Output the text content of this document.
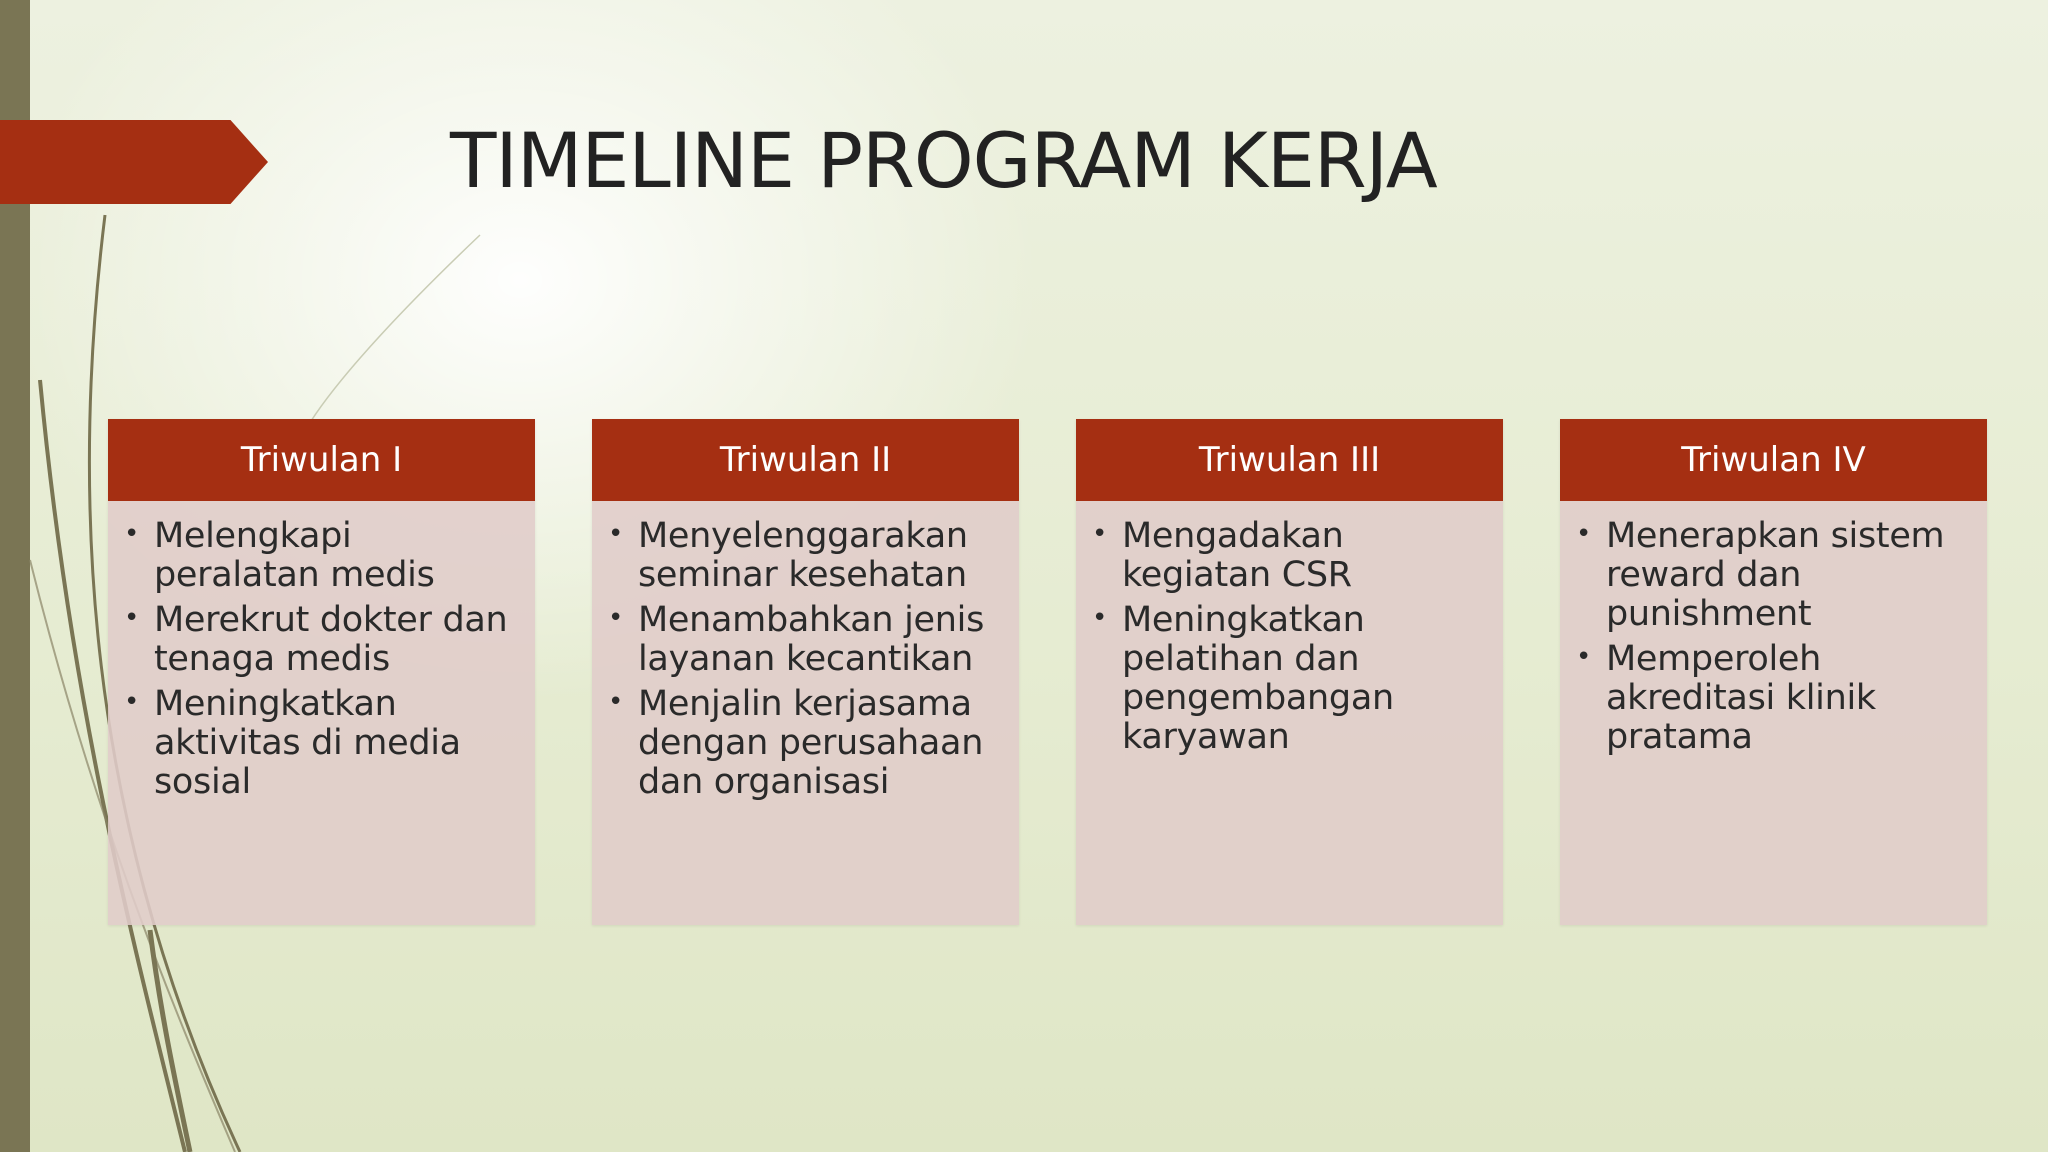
TIMELINE PROGRAM KERJA
Triwulan I
• Melengkapi peralatan medis
• Merekrut dokter dan tenaga medis
• Meningkatkan aktivitas di media sosial
Triwulan II
• Menyelenggarakan seminar kesehatan
• Menambahkan jenis layanan kecantikan
• Menjalin kerjasama dengan perusahaan dan organisasi
Triwulan III
• Mengadakan kegiatan CSR
• Meningkatkan pelatihan dan pengembangan karyawan
Triwulan IV
• Menerapkan sistem reward dan punishment
• Memperoleh akreditasi klinik pratama
